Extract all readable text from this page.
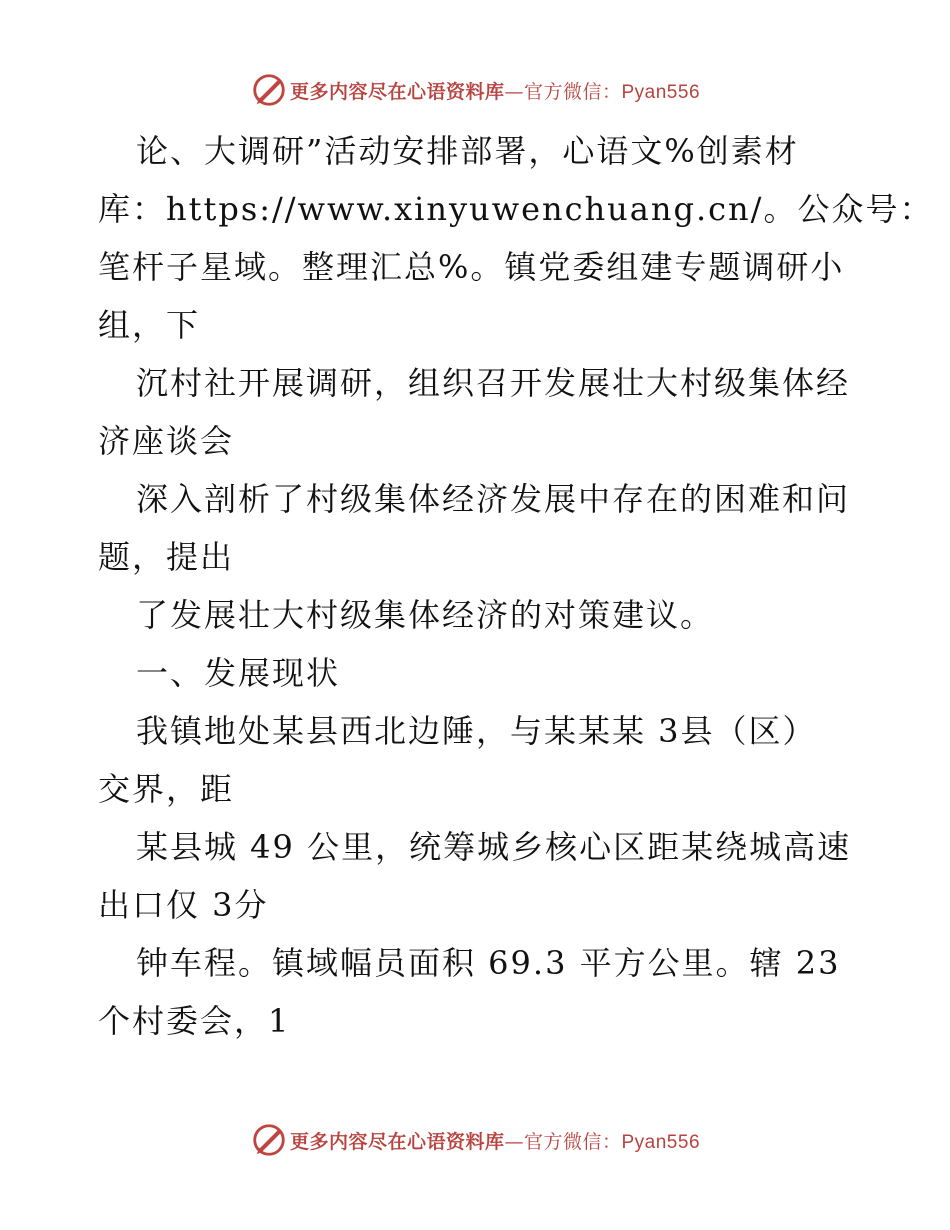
更多内容尽在心语资料库—官方微信：Pyan556
论、大调研”活动安排部署，心语文%创素材
库：https://www.xinyuwenchuang.cn/。公众号：
笔杆子星域。整理汇总%。镇党委组建专题调研小
组，下
沉村社开展调研，组织召开发展壮大村级集体经
济座谈会
深入剖析了村级集体经济发展中存在的困难和问
题，提出
了发展壮大村级集体经济的对策建议。
一、发展现状
我镇地处某县西北边陲，与某某某 3县（区）
交界，距
某县城 49 公里，统筹城乡核心区距某绕城高速
出口仅 3分
钟车程。镇域幅员面积 69.3 平方公里。辖 23
个村委会，1
更多内容尽在心语资料库—官方微信：Pyan556
